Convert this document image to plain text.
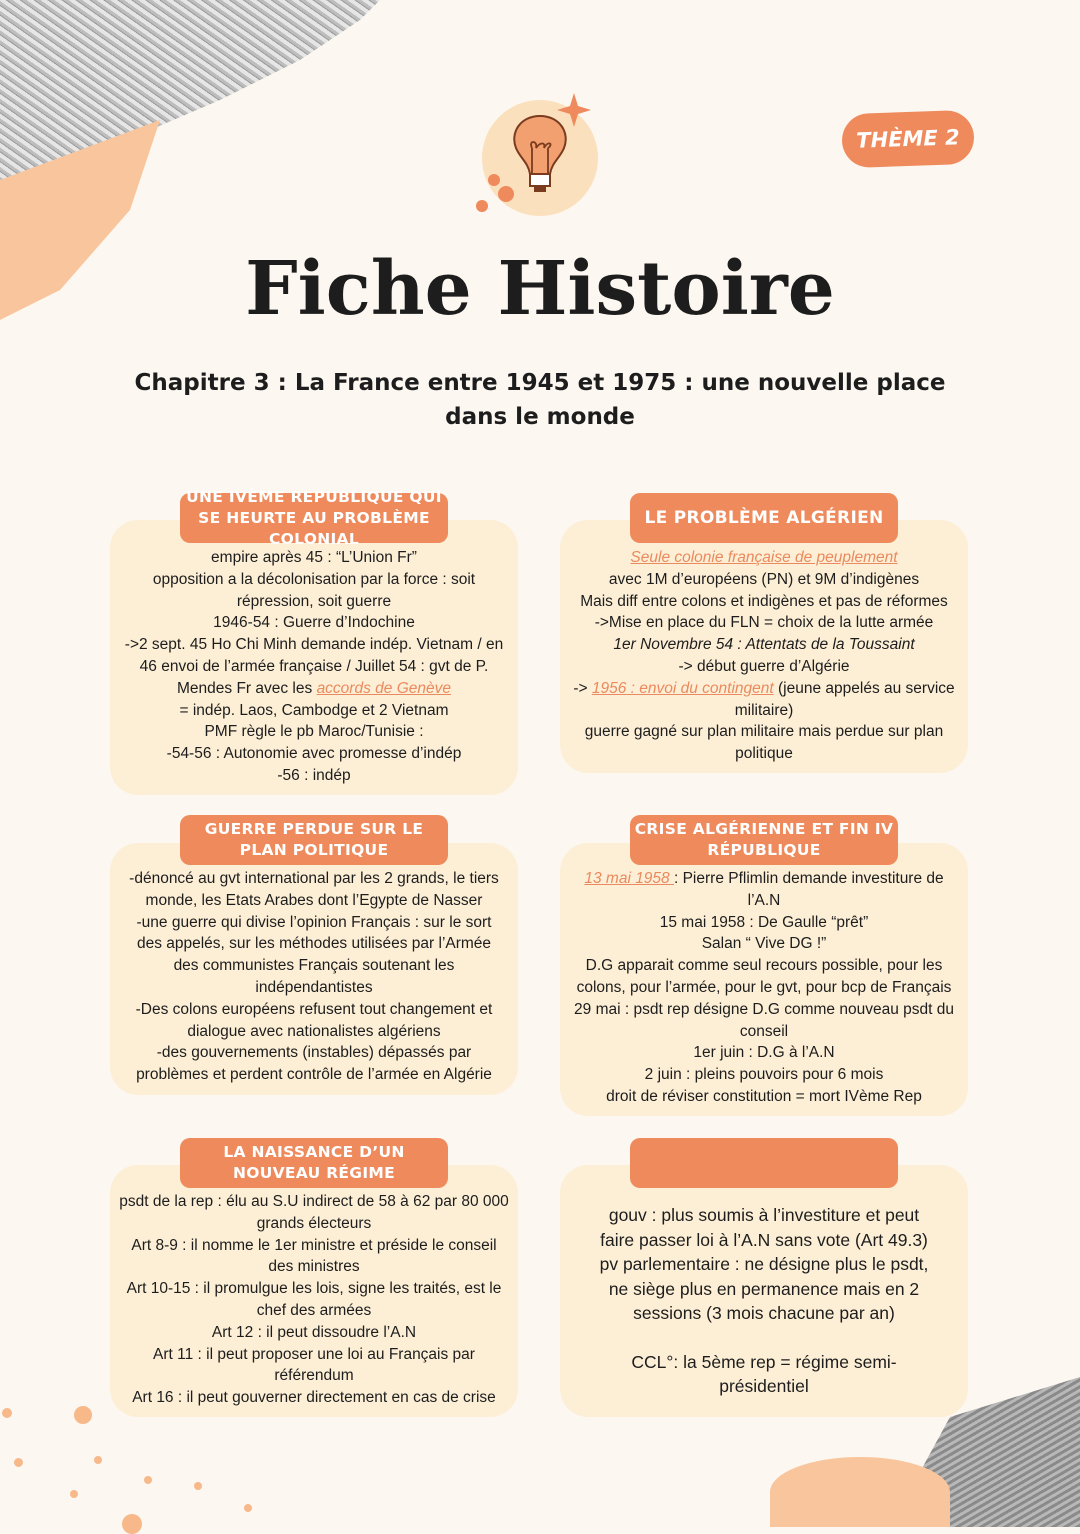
THÈME 2
Fiche Histoire
Chapitre 3 : La France entre 1945 et 1975 : une nouvelle place dans le monde
empire après 45 : “L’Union Fr”
opposition a la décolonisation par la force : soit
répression, soit guerre
1946-54 : Guerre d’Indochine
->2 sept. 45 Ho Chi Minh demande indép. Vietnam / en
46 envoi de l’armée française / Juillet 54 : gvt de P.
Mendes Fr avec les accords de Genève
= indép. Laos, Cambodge et 2 Vietnam
PMF règle le pb Maroc/Tunisie :
-54-56 : Autonomie avec promesse d’indép
-56 : indép
UNE IVÈME REPUBLIQUE QUI SE HEURTE AU PROBLÈME COLONIAL
Seule colonie française de peuplement
avec 1M d’européens (PN) et 9M d’indigènes
Mais diff entre colons et indigènes et pas de réformes
->Mise en place du FLN = choix de la lutte armée
1er Novembre 54 : Attentats de la Toussaint
-> début guerre d’Algérie
-> 1956 : envoi du contingent (jeune appelés au service
militaire)
guerre gagné sur plan militaire mais perdue sur plan
politique
LE PROBLÈME ALGÉRIEN
-dénoncé au gvt international par les 2 grands, le tiers
monde, les Etats Arabes dont l’Egypte de Nasser
-une guerre qui divise l’opinion Français : sur le sort
des appelés, sur les méthodes utilisées par l’Armée
des communistes Français soutenant les
indépendantistes
-Des colons européens refusent tout changement et
dialogue avec nationalistes algériens
-des gouvernements (instables) dépassés par
problèmes et perdent contrôle de l’armée en Algérie
GUERRE PERDUE SUR LE PLAN POLITIQUE
13 mai 1958 : Pierre Pflimlin demande investiture de
l’A.N
15 mai 1958 : De Gaulle “prêt”
Salan “ Vive DG !”
D.G apparait comme seul recours possible, pour les
colons, pour l’armée, pour le gvt, pour bcp de Français
29 mai : psdt rep désigne D.G comme nouveau psdt du
conseil
1er juin : D.G à l’A.N
2 juin : pleins pouvoirs pour 6 mois
droit de réviser constitution = mort IVème Rep
CRISE ALGÉRIENNE ET FIN IV RÉPUBLIQUE
psdt de la rep : élu au S.U indirect de 58 à 62 par 80 000
grands électeurs
Art 8-9 : il nomme le 1er ministre et préside le conseil
des ministres
Art 10-15 : il promulgue les lois, signe les traités, est le
chef des armées
Art 12 : il peut dissoudre l’A.N
Art 11 : il peut proposer une loi au Français par
référendum
Art 16 : il peut gouverner directement en cas de crise
LA NAISSANCE D’UN NOUVEAU RÉGIME
gouv : plus soumis à l’investiture et peut
faire passer loi à l’A.N sans vote (Art 49.3)
pv parlementaire : ne désigne plus le psdt,
ne siège plus en permanence mais en 2
sessions (3 mois chacune par an)
CCL°: la 5ème rep = régime semi-
présidentiel
